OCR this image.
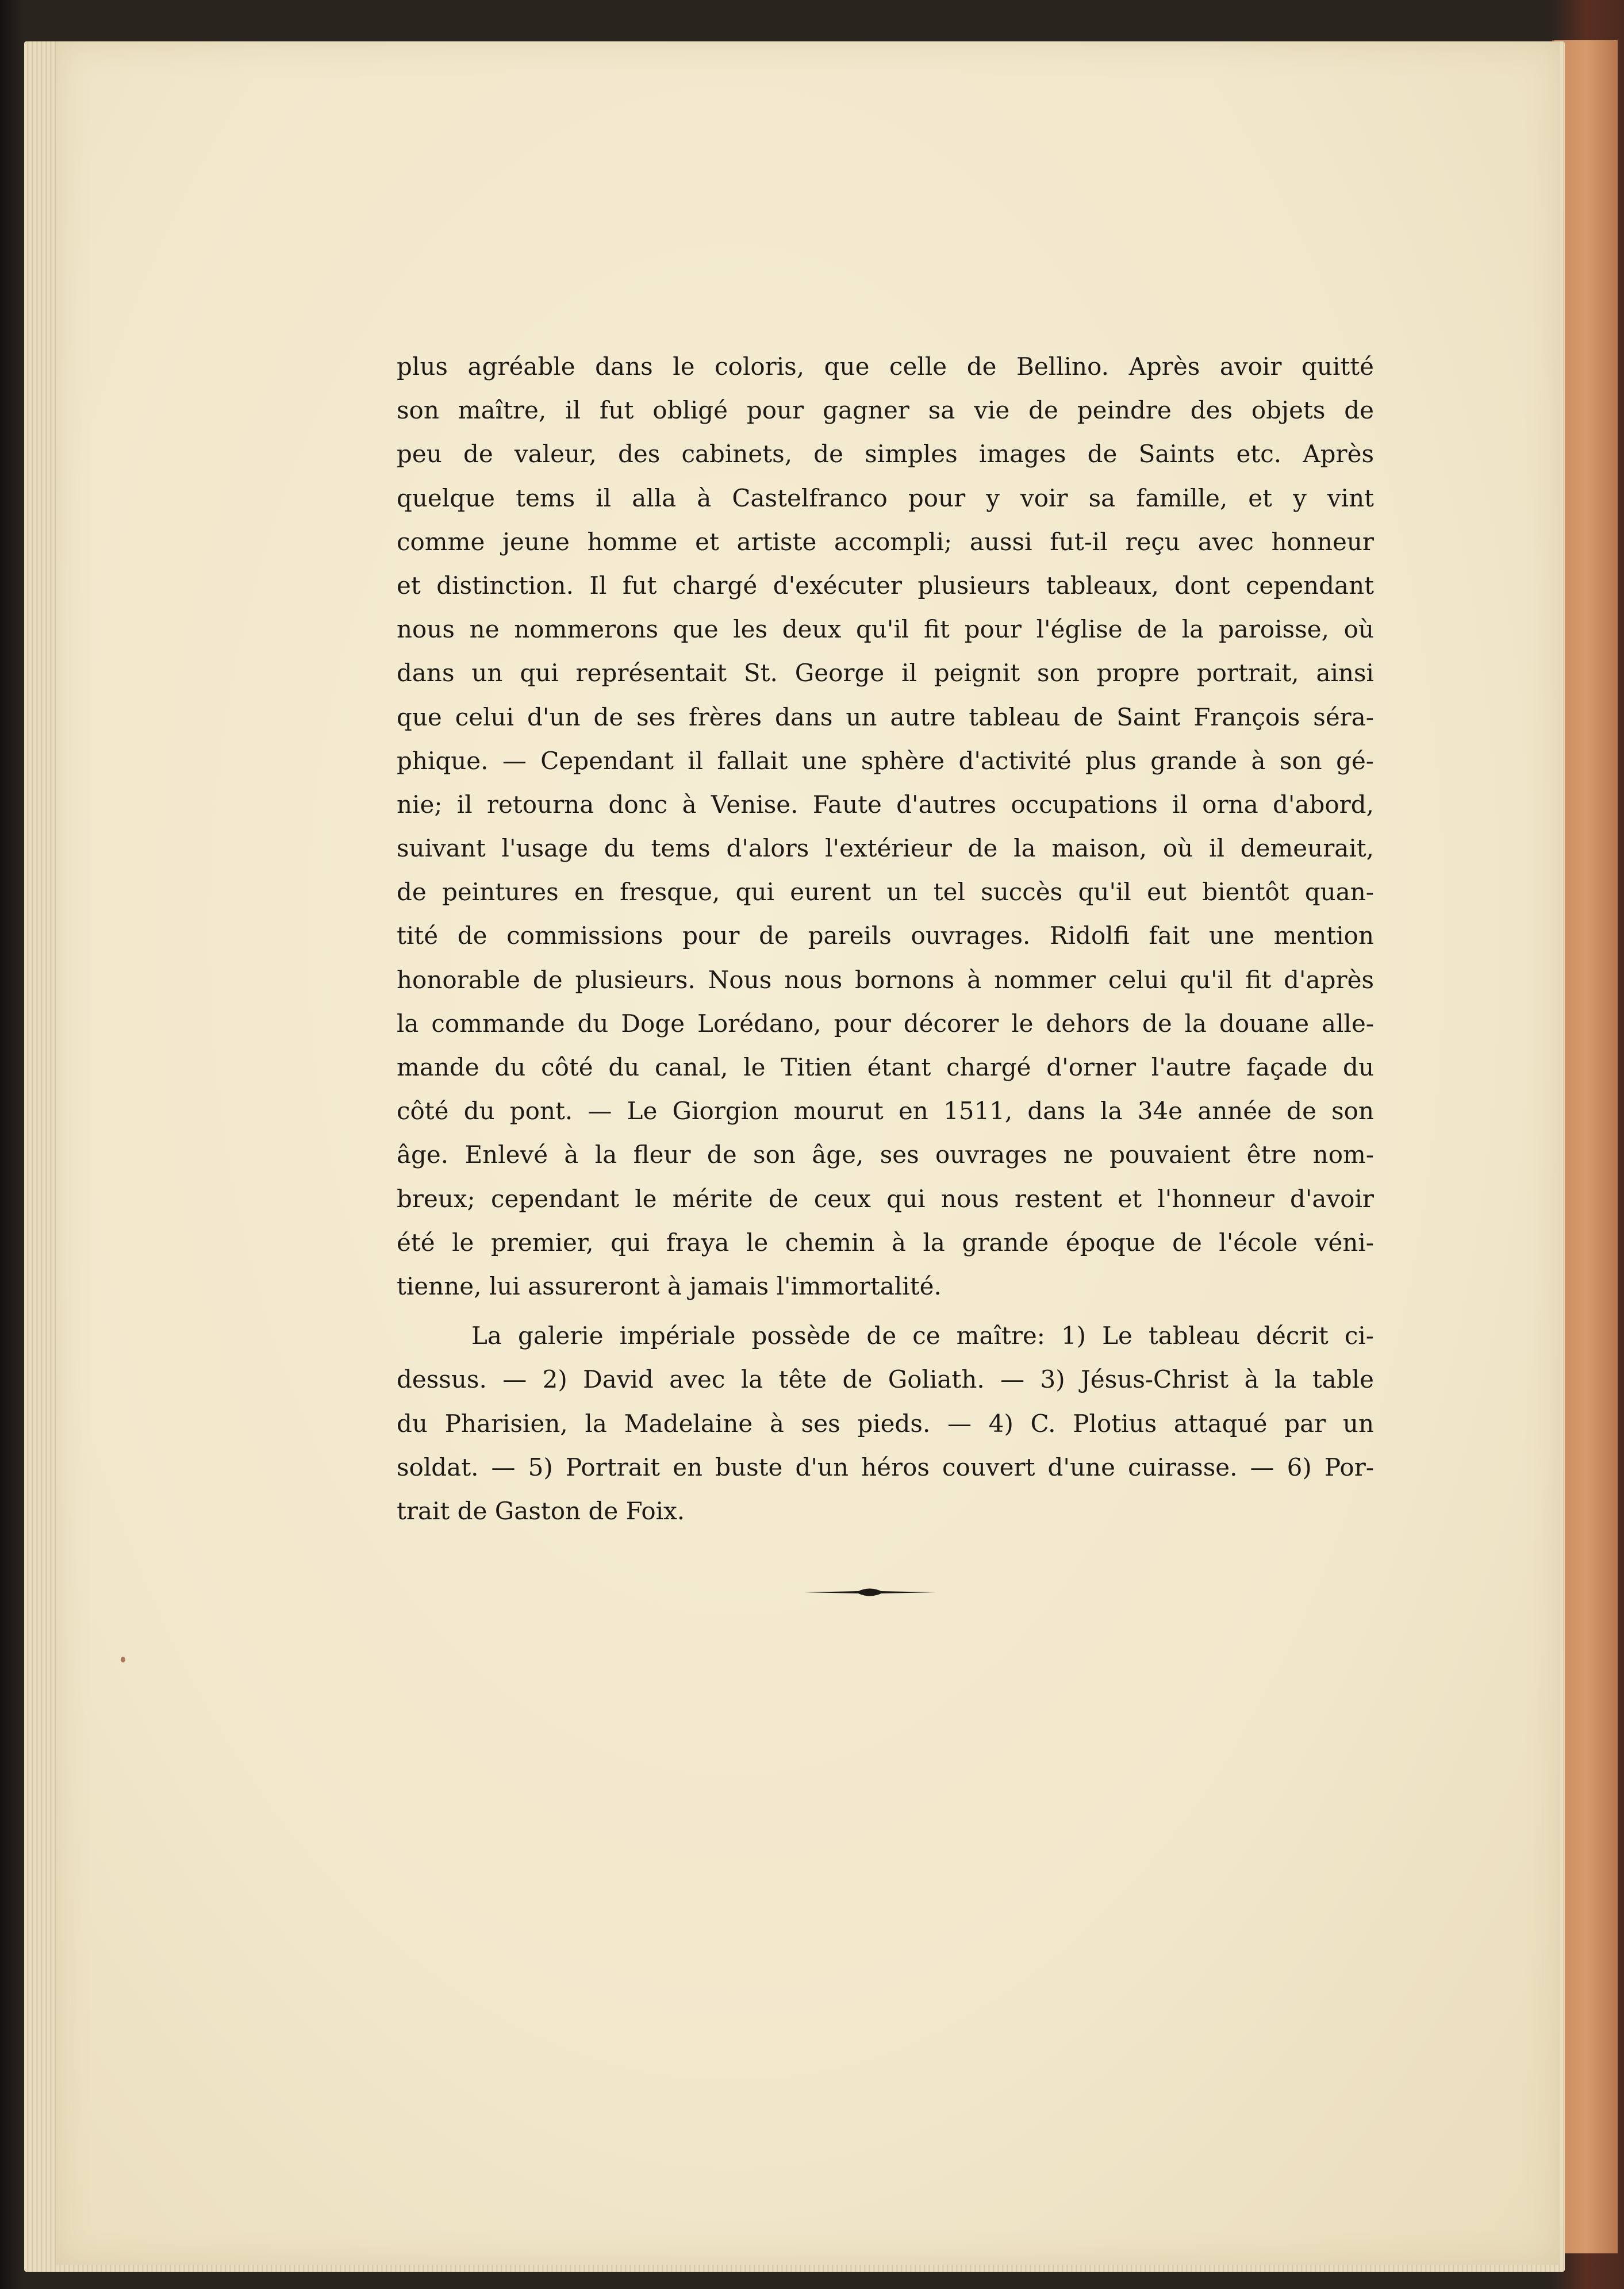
plus agréable dans le coloris, que celle de Bellino. Après avoir quitté
son maître, il fut obligé pour gagner sa vie de peindre des objets de
peu de valeur, des cabinets, de simples images de Saints etc. Après
quelque tems il alla à Castelfranco pour y voir sa famille, et y vint
comme jeune homme et artiste accompli; aussi fut-il reçu avec honneur
et distinction. Il fut chargé d'exécuter plusieurs tableaux, dont cependant
nous ne nommerons que les deux qu'il fit pour l'église de la paroisse, où
dans un qui représentait St. George il peignit son propre portrait, ainsi
que celui d'un de ses frères dans un autre tableau de Saint François séra-
phique. — Cependant il fallait une sphère d'activité plus grande à son gé-
nie; il retourna donc à Venise. Faute d'autres occupations il orna d'abord,
suivant l'usage du tems d'alors l'extérieur de la maison, où il demeurait,
de peintures en fresque, qui eurent un tel succès qu'il eut bientôt quan-
tité de commissions pour de pareils ouvrages. Ridolfi fait une mention
honorable de plusieurs. Nous nous bornons à nommer celui qu'il fit d'après
la commande du Doge Lorédano, pour décorer le dehors de la douane alle-
mande du côté du canal, le Titien étant chargé d'orner l'autre façade du
côté du pont. — Le Giorgion mourut en 1511, dans la 34e année de son
âge. Enlevé à la fleur de son âge, ses ouvrages ne pouvaient être nom-
breux; cependant le mérite de ceux qui nous restent et l'honneur d'avoir
été le premier, qui fraya le chemin à la grande époque de l'école véni-
tienne, lui assureront à jamais l'immortalité.
La galerie impériale possède de ce maître: 1) Le tableau décrit ci-
dessus. — 2) David avec la tête de Goliath. — 3) Jésus-Christ à la table
du Pharisien, la Madelaine à ses pieds. — 4) C. Plotius attaqué par un
soldat. — 5) Portrait en buste d'un héros couvert d'une cuirasse. — 6) Por-
trait de Gaston de Foix.
